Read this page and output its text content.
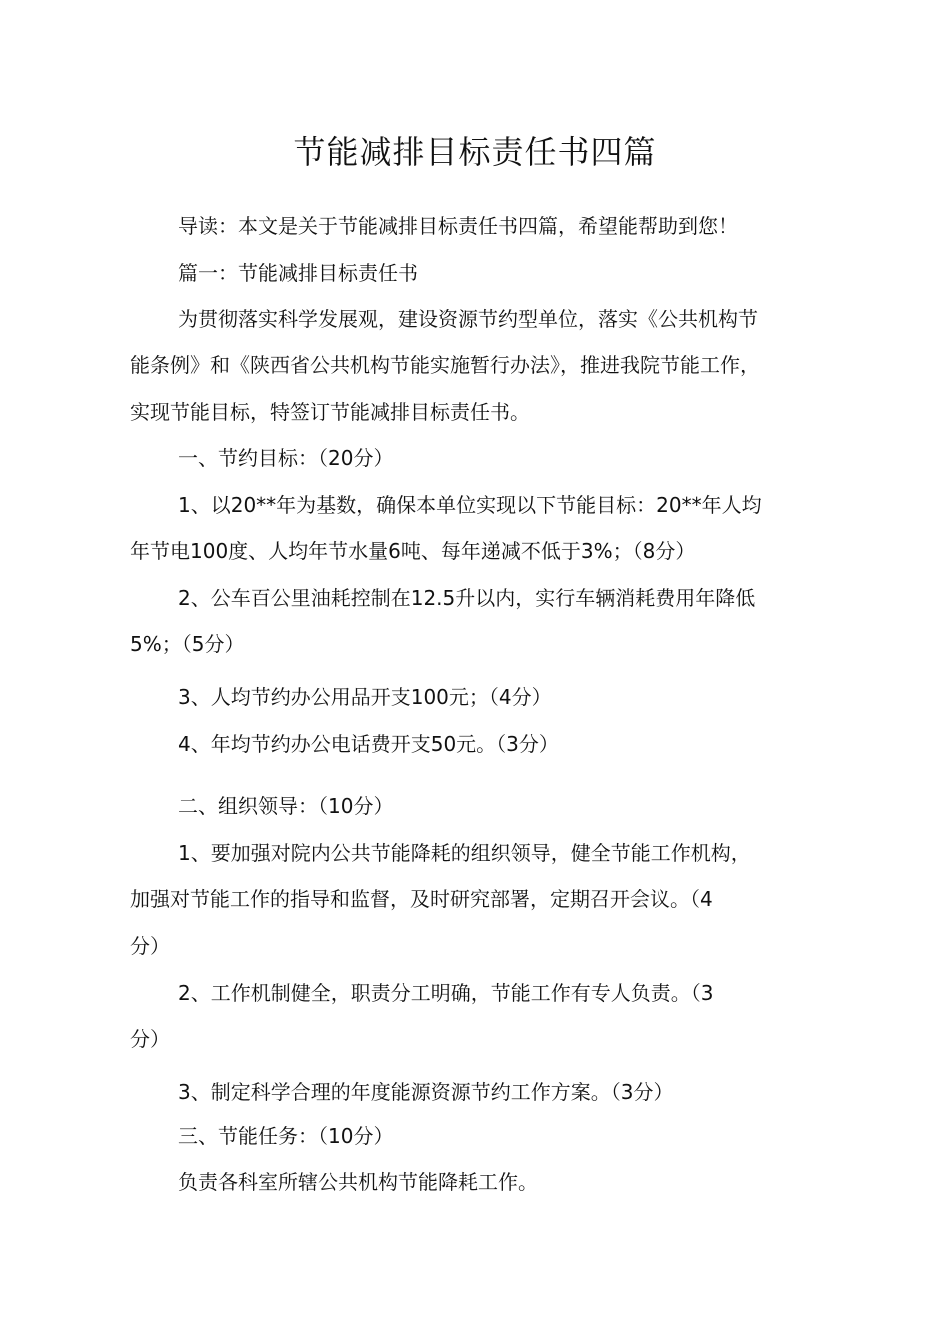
节能减排目标责任书四篇
导读：本文是关于节能减排目标责任书四篇，希望能帮助到您！
篇一：节能减排目标责任书
为贯彻落实科学发展观，建设资源节约型单位，落实《公共机构节
能条例》和《陕西省公共机构节能实施暂行办法》，推进我院节能工作，
实现节能目标，特签订节能减排目标责任书。
一、节约目标：（20分）
1、以20**年为基数，确保本单位实现以下节能目标：20**年人均
年节电100度、人均年节水量6吨、每年递减不低于3%；（8分）
2、公车百公里油耗控制在12.5升以内，实行车辆消耗费用年降低
5%；（5分）
3、人均节约办公用品开支100元；（4分）
4、年均节约办公电话费开支50元。（3分）
二、组织领导：（10分）
1、要加强对院内公共节能降耗的组织领导，健全节能工作机构，
加强对节能工作的指导和监督，及时研究部署，定期召开会议。（4
分）
2、工作机制健全，职责分工明确，节能工作有专人负责。（3
分）
3、制定科学合理的年度能源资源节约工作方案。（3分）
三、节能任务：（10分）
负责各科室所辖公共机构节能降耗工作。
